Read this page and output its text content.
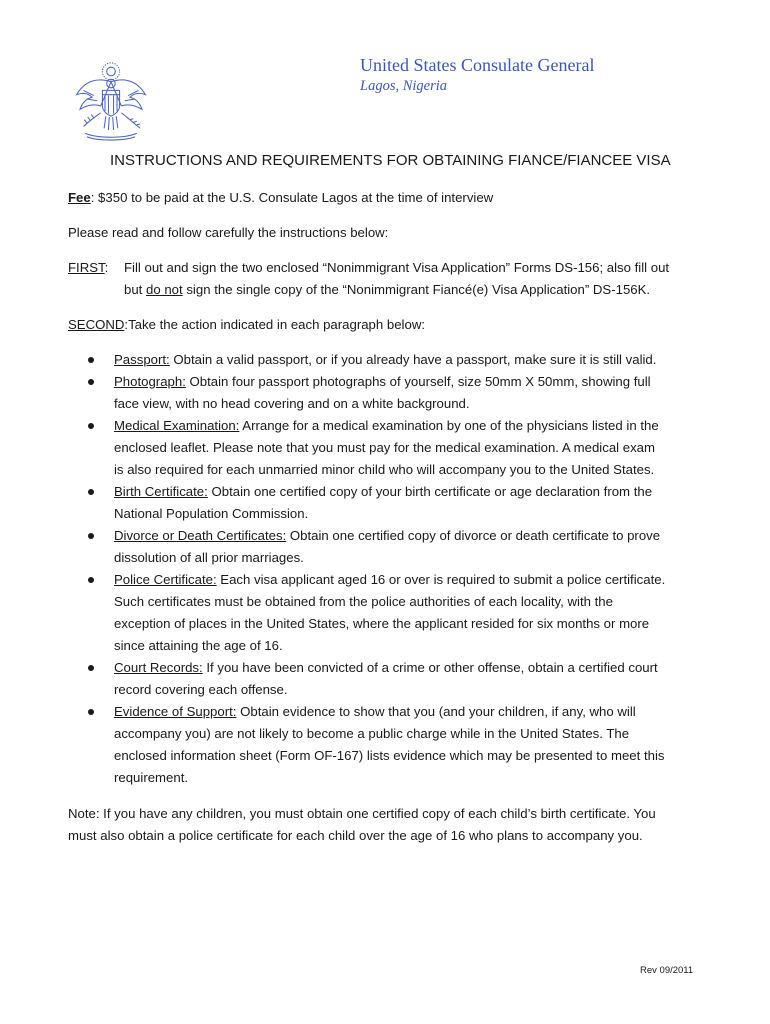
United States Consulate General
Lagos, Nigeria
INSTRUCTIONS AND REQUIREMENTS FOR OBTAINING FIANCE/FIANCEE VISA
Fee: $350 to be paid at the U.S. Consulate Lagos at the time of interview
Please read and follow carefully the instructions below:
FIRST: Fill out and sign the two enclosed “Nonimmigrant Visa Application” Forms DS-156; also fill out
but do not sign the single copy of the “Nonimmigrant Fiancé(e) Visa Application” DS-156K.
SECOND:Take the action indicated in each paragraph below:
Passport: Obtain a valid passport, or if you already have a passport, make sure it is still valid.
Photograph: Obtain four passport photographs of yourself, size 50mm X 50mm, showing full
face view, with no head covering and on a white background.
Medical Examination: Arrange for a medical examination by one of the physicians listed in the
enclosed leaflet. Please note that you must pay for the medical examination. A medical exam
is also required for each unmarried minor child who will accompany you to the United States.
Birth Certificate: Obtain one certified copy of your birth certificate or age declaration from the
National Population Commission.
Divorce or Death Certificates: Obtain one certified copy of divorce or death certificate to prove
dissolution of all prior marriages.
Police Certificate: Each visa applicant aged 16 or over is required to submit a police certificate.
Such certificates must be obtained from the police authorities of each locality, with the
exception of places in the United States, where the applicant resided for six months or more
since attaining the age of 16.
Court Records: If you have been convicted of a crime or other offense, obtain a certified court
record covering each offense.
Evidence of Support: Obtain evidence to show that you (and your children, if any, who will
accompany you) are not likely to become a public charge while in the United States. The
enclosed information sheet (Form OF-167) lists evidence which may be presented to meet this
requirement.
Note: If you have any children, you must obtain one certified copy of each child’s birth certificate. You
must also obtain a police certificate for each child over the age of 16 who plans to accompany you.
Rev 09/2011
